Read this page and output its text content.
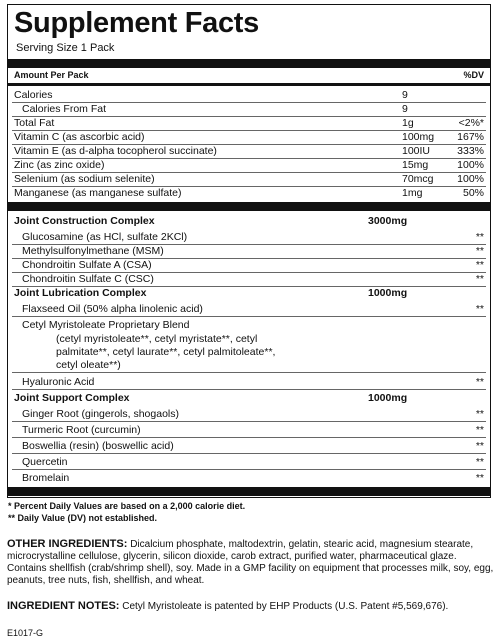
Supplement Facts
Serving Size 1 Pack
Amount Per Pack	%DV
Calories	9
Calories From Fat	9
Total Fat	1g	<2%*
Vitamin C (as ascorbic acid)	100mg 167%
Vitamin E (as d-alpha tocopherol succinate)	100IU	333%
Zinc (as zinc oxide)	15mg	100%
Selenium (as sodium selenite)	70mcg 100%
Manganese (as manganese sulfate)	1mg	50%
Joint Construction Complex	3000mg
Glucosamine (as HCl, sulfate 2KCl)	**
Methylsulfonylmethane (MSM)	**
Chondroitin Sulfate A (CSA)	**
Chondroitin Sulfate C (CSC)	**
Joint Lubrication Complex	1000mg
Flaxseed Oil (50% alpha linolenic acid)	**
Cetyl Myristoleate Proprietary Blend
(cetyl myristoleate**, cetyl myristate**, cetyl
palmitate**, cetyl laurate**, cetyl palmitoleate**,
cetyl oleate**)
Hyaluronic Acid	**
Joint Support Complex	1000mg
Ginger Root (gingerols, shogaols)	**
Turmeric Root (curcumin)	**
Boswellia (resin) (boswellic acid)	**
Quercetin	**
Bromelain	**
* Percent Daily Values are based on a 2,000 calorie diet.
** Daily Value (DV) not established.
OTHER INGREDIENTS: Dicalcium phosphate, maltodextrin, gelatin, stearic acid, magnesium stearate, microcrystalline cellulose, glycerin, silicon dioxide, carob extract, purified water, pharmaceutical glaze. Contains shellfish (crab/shrimp shell), soy. Made in a GMP facility on equipment that processes milk, soy, egg, peanuts, tree nuts, fish, shellfish, and wheat.
INGREDIENT NOTES: Cetyl Myristoleate is patented by EHP Products (U.S. Patent #5,569,676).
E1017-G
